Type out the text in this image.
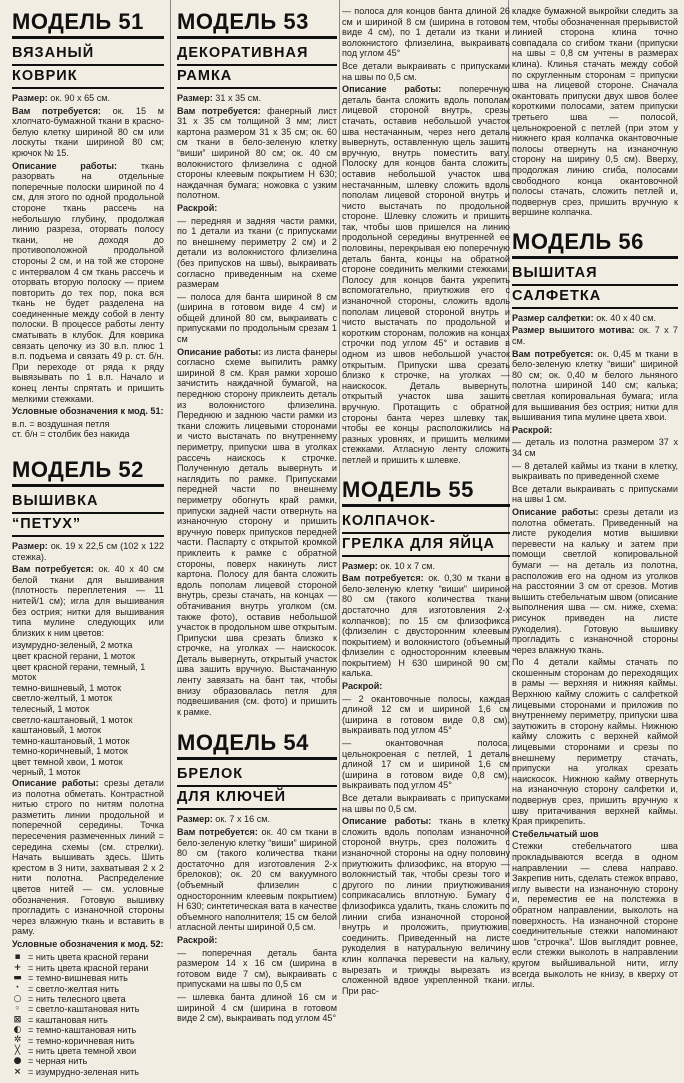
МОДЕЛЬ 51
ВЯЗАНЫЙ
КОВРИК

Размер: ок. 90 х 65 см.

Вам потребуется: ок. 15 м хлопчато-бумажной ткани в красно-белую клетку шириной 80 см или лоскуты ткани шириной 80 см; крючок № 15.

Описание работы: ткань разорвать на отдельные поперечные полоски шириной по 4 см, для этого по одной продольной стороне ткань рассечь на небольшую глубину, продолжая линию разреза, оторвать полосу ткани, не доходя до противоположной продольной стороны 2 см, и на той же стороне с интервалом 4 см ткань рассечь и оторвать вторую полоску — прием повторить до тех пор, пока вся ткань не будет разделена на соединенные между собой в ленту полоски. В процессе работы ленту сматывать в клубок. Для коврика связать цепочку из 30 в.п. плюс 1 в.п. подъема и связать 49 р. ст. б/н. При переходе от ряда к ряду вывязывать по 1 в.п. Начало и конец ленты спрятать и пришить мелкими стежками.

Условные обозначения к мод. 51:

в.п. = воздушная петля
ст. б/н = столбик без накида
МОДЕЛЬ 52
ВЫШИВКА
“ПЕТУХ”

Размер: ок. 19 х 22,5 см (102 х 122 стежка).

Вам потребуется: ок. 40 х 40 см белой ткани для вышивания (плотность переплетения — 11 нитей/1 см); игла для вышивания без острия; нитки для вышивания типа мулине следующих или близких к ним цветов:

изумрудно-зеленый, 2 мотка
цвет красной герани, 1 моток
цвет красной герани, темный, 1 моток
темно-вишневый, 1 моток
светло-желтый, 1 моток
телесный, 1 моток
светло-каштановый, 1 моток
каштановый, 1 моток
темно-каштановый, 1 моток
темно-коричневый, 1 моток
цвет темной хвои, 1 моток
черный, 1 моток

Описание работы: срезы детали из полотна обметать. Контрастной нитью строго по нитям полотна разметить линии продольной и поперечной середины. Точка пересечения размеченных линий = середина схемы (см. стрелки). Начать вышивать здесь. Шить крестом в 3 нити, захватывая 2 х 2 нити полотна. Распределение цветов нитей — см. условные обозначения. Готовую вышивку прогладить с изнаночной стороны через влажную ткань и вставить в раму.

Условные обозначения к мод. 52:

▪ = нить цвета красной герани
+ = нить цвета красной герани
▬ = темно-вишневая нить
· = светло-желтая нить
○ = нить телесного цвета
◦ = светло-каштановая нить
⊠ = каштановая нить
◐ = темно-каштановая нить
✲ = темно-коричневая нить
╳ = нить цвета темной хвои
● = черная нить
× = изумрудно-зеленая нить
МОДЕЛЬ 53
ДЕКОРАТИВНАЯ
РАМКА

Размер: 31 х 35 см.

Вам потребуется: фанерный лист 31 х 35 см толщиной 3 мм; лист картона размером 31 х 35 см; ок. 60 см ткани в бело-зеленую клетку “виши” шириной 80 см; ок. 40 см волокнистого флизелина с одной стороны клеевым покрытием Н 630; наждачная бумага; ножовка с узким полотном.

Раскрой:

— передняя и задняя части рамки, по 1 детали из ткани (с припусками по внешнему периметру 2 см) и 2 детали из волокнистого флизелина (без припусков на швы), выкраивать согласно приведенным на схеме размерам

— полоса для банта шириной 8 см (ширина в готовом виде 4 см) и общей длиной 80 см, выкраивать с припусками по продольным срезам 1 см

Описание работы: из листа фанеры согласно схеме выпилить рамку шириной 8 см. Края рамки хорошо зачистить наждачной бумагой, на переднюю сторону приклеить деталь из волокнистого флизелина. Переднюю и заднюю части рамки из ткани сложить лицевыми сторонами и чисто выстачать по внутреннему периметру, припуски шва в уголках рассечь наискось к строчке. Полученную деталь вывернуть и наглядить по рамке. Припусками передней части по внешнему периметру обогнуть край рамки, припуски задней части отвернуть на изнаночную сторону и пришить вручную поверх припусков передней части. Паспарту с открытой кромкой приклеить к рамке с обратной стороны, поверх накинуть лист картона. Полосу для банта сложить вдоль пополам лицевой стороной внутрь, срезы стачать, на концах — обтачивания внутрь уголком (см. также фото), оставив небольшой участок в продольном шве открытым. Припуски шва срезать близко к строчке, на уголках — наискосок. Деталь вывернуть, открытый участок шва зашить вручную. Выстачанную ленту завязать на бант так, чтобы внизу образовалась петля для подвешивания (см. фото) и пришить к рамке.

МОДЕЛЬ 54
БРЕЛОК
ДЛЯ КЛЮЧЕЙ

Размер: ок. 7 х 16 см.

Вам потребуется: ок. 40 см ткани в бело-зеленую клетку “виши” шириной 80 см (такого количества ткани достаточно для изготовления 2-х брелоков); ок. 20 см вакуумного (объемный флизелин с односторонним клеевым покрытием) Н 630; синтетическая вата в качестве объемного наполнителя; 15 см белой атласной ленты шириной 0,5 см.

Раскрой:

— поперечная деталь банта размером 14 х 16 см (ширина в готовом виде 7 см), выкраивать с припусками на швы по 0,5 см

— шлевка банта длиной 16 см и шириной 4 см (ширина в готовом виде 2 см), выкраивать под углом 45°

— полоса для концов банта длиной 26 см и шириной 8 см (ширина в готовом виде 4 см), по 1 детали из ткани и волокнистого флизелина, выкраивать под углом 45°

Все детали выкраивать с припусками на швы по 0,5 см.

Описание работы: поперечную деталь банта сложить вдоль пополам лицевой стороной внутрь, срезы стачать, оставив небольшой участок шва нестачанным, через него деталь вывернуть, оставленную щель зашить вручную, внутрь поместить вату. Полоску для концов банта сложить, оставив небольшой участок шва нестачанным, шлевку сложить вдоль пополам лицевой стороной внутрь и чисто выстачать по продольной стороне. Шлевку сложить и пришить так, чтобы шов пришелся на линию продольной середины внутренней ее половины, перекрывая ею поперечную деталь банта, концы на обратной стороне соединить мелкими стежками. Полосу для концов банта укрепить вспомогательно, приутюжив его с изнаночной стороны, сложить вдоль пополам лицевой стороной внутрь и чисто выстачать по продольной и коротким сторонам, положив на концах строчки под углом 45° и оставив в одном из швов небольшой участок открытым. Припуски шва срезать близко к строчке, на уголках — наискосок. Деталь вывернуть, открытый участок шва зашить вручную. Протащить с обратной стороны банта через шлевку так, чтобы ее концы расположились на разных уровнях, и пришить мелкими стежками. Атласную ленту сложить петлей и пришить к шлевке.

МОДЕЛЬ 55
КОЛПАЧОК-
ГРЕЛКА ДЛЯ ЯЙЦА

Размер: ок. 10 х 7 см.

Вам потребуется: ок. 0,30 м ткани в бело-зеленую клетку “виши” шириной 80 см (такого количества ткани достаточно для изготовления 2-х колпачков); по 15 см флизофикса (флизелин с двусторонним клеевым покрытием) и волокнистого (объемный флизелин с односторонним клеевым покрытием) Н 630 шириной 90 см; калька.

Раскрой:

— 2 окантовочные полосы, каждая длиной 12 см и шириной 1,6 см (ширина в готовом виде 0,8 см), выкраивать под углом 45°

— окантовочная полоса, цельнокроеная с петлей, 1 деталь длиной 17 см и шириной 1,6 см (ширина в готовом виде 0,8 см), выкраивать под углом 45°

Все детали выкраивать с припусками на швы по 0,5 см.

Описание работы: ткань в клетку сложить вдоль пополам изнаночной стороной внутрь, срез положить с изнаночной стороны на одну половину приутюжить флизофикс, на вторую — волокнистый так, чтобы срезы того и другого по линии приутюживания соприкасались вплотную. Бумагу с флизофикса удалить, ткань сложить по линии сгиба изнаночной стороной внутрь и проложить, приутюжив, соединить. Приведенный на листе рукоделия в натуральную величину клин колпачка перевести на кальку, вырезать и трижды вырезать из сложенной вдвое укрепленной ткани. При рас-

кладке бумажной выкройки следить за тем, чтобы обозначенная прерывистой линией сторона клина точно совпадала со сгибом ткани (припуски на швы = 0,8 см учтены в размерах клина). Клинья стачать между собой по скругленным сторонам = припуски шва на лицевой стороне. Сначала окантовать припуски двух швов более короткими полосами, затем припуски третьего шва — полосой, цельнокроеной с петлей (при этом у нижнего края колпачка окантовочные полосы отвернуть на изнаночную сторону на ширину 0,5 см). Вверху, продолжая линию сгиба, полосами свободного конца окантовочной полосы стачать, сложить петлей и, подвернув срез, пришить вручную к вершине колпачка.

МОДЕЛЬ 56
ВЫШИТАЯ
САЛФЕТКА

Размер салфетки: ок. 40 х 40 см.

Размер вышитого мотива: ок. 7 х 7 см.

Вам потребуется: ок. 0,45 м ткани в бело-зеленую клетку “виши” шириной 80 см; ок. 0,40 м белого льняного полотна шириной 140 см; калька; светлая копировальная бумага; игла для вышивания без острия; нитки для вышивания типа мулине цвета хвои.

Раскрой:

— деталь из полотна размером 37 х 34 см

— 8 деталей каймы из ткани в клетку, выкраивать по приведенной схеме

Все детали выкраивать с припусками на швы 1 см.

Описание работы: срезы детали из полотна обметать. Приведенный на листе рукоделия мотив вышивки перевести на кальку и затем при помощи светлой копировальной бумаги — на деталь из полотна, расположив его на одном из уголков на расстоянии 3 см от срезов. Мотив вышить стебельчатым швом (описание выполнения шва — см. ниже, схема: рисунок приведен на листе рукоделия). Готовую вышивку прогладить с изнаночной стороны через влажную ткань.

По 4 детали каймы стачать по скошенным сторонам до переходящих в рамы — верхняя и нижняя каймы. Верхнюю кайму сложить с салфеткой лицевыми сторонами и приложив по внутреннему периметру, припуски шва заутюжить в сторону каймы. Нижнюю кайму сложить с верхней каймой лицевыми сторонами и срезы по внешнему периметру стачать, припуски на уголках срезать наискосок. Нижнюю кайму отвернуть на изнаночную сторону салфетки и, подвернув срез, пришить вручную к шву притачивания верхней каймы. Края прикрепить.

Стебельчатый шов

Стежки стебельчатого шва прокладываются всегда в одном направлении — слева направо. Закрепив нить, сделать стежок вправо, иглу вывести на изнаночную сторону и, переместив ее на полстежка в обратном направлении, выколоть на поверхность. На изнаночной стороне соединительные стежки напоминают шов “строчка”. Шов выглядит ровнее, если стежки выколоть в направлении кругом выйшивальной нити, иглу всегда выколоть не книзу, в кверху от иглы.
